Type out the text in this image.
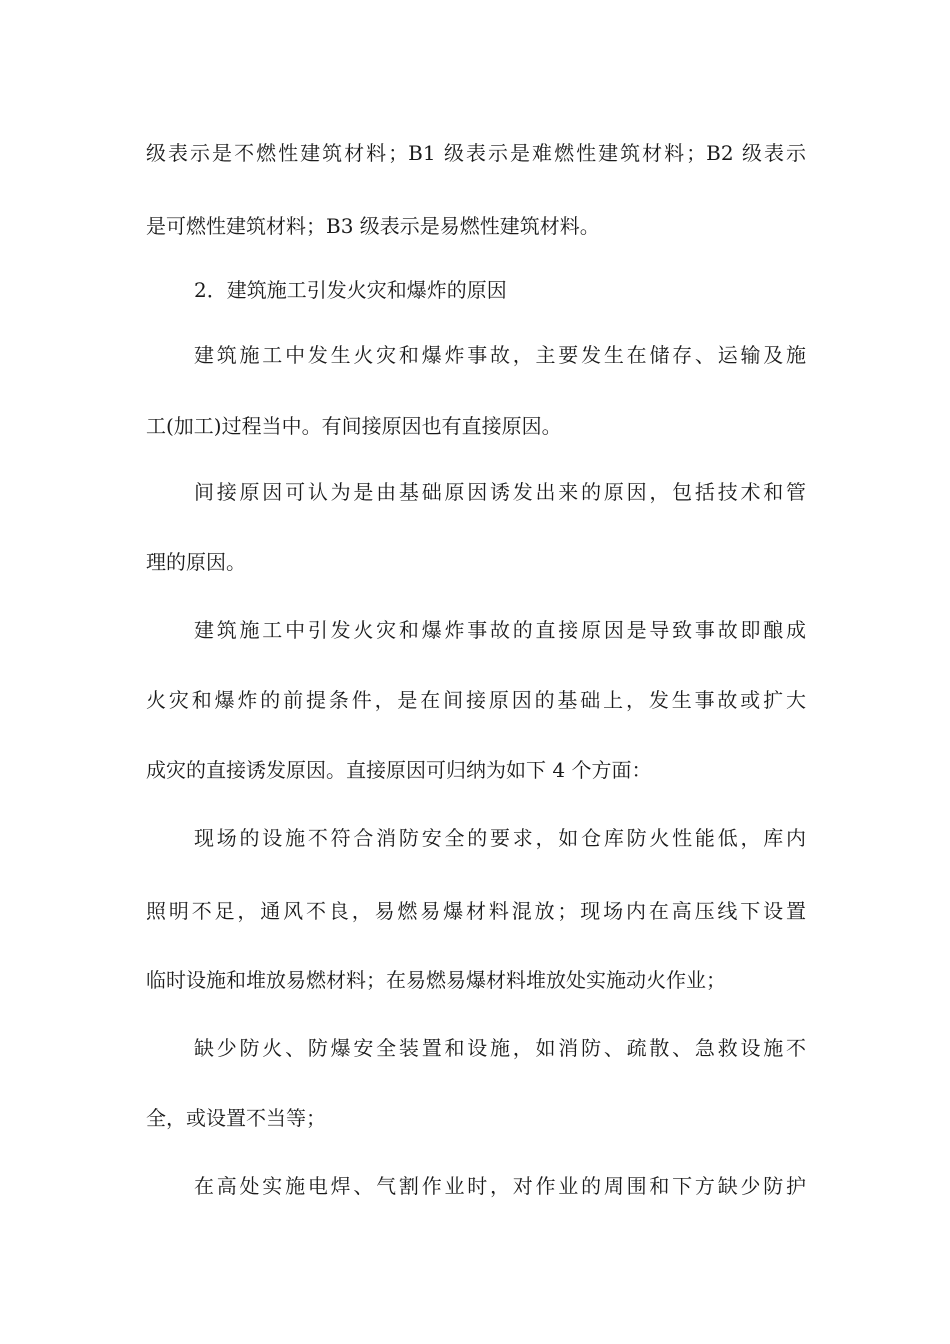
级表示是不燃性建筑材料；B1 级表示是难燃性建筑材料；B2 级表示
是可燃性建筑材料；B3 级表示是易燃性建筑材料。
2．建筑施工引发火灾和爆炸的原因
建筑施工中发生火灾和爆炸事故，主要发生在储存、运输及施
工(加工)过程当中。有间接原因也有直接原因。
间接原因可认为是由基础原因诱发出来的原因，包括技术和管
理的原因。
建筑施工中引发火灾和爆炸事故的直接原因是导致事故即酿成
火灾和爆炸的前提条件，是在间接原因的基础上，发生事故或扩大
成灾的直接诱发原因。直接原因可归纳为如下 4 个方面：
现场的设施不符合消防安全的要求，如仓库防火性能低，库内
照明不足，通风不良，易燃易爆材料混放；现场内在高压线下设置
临时设施和堆放易燃材料；在易燃易爆材料堆放处实施动火作业；
缺少防火、防爆安全装置和设施，如消防、疏散、急救设施不
全，或设置不当等；
在高处实施电焊、气割作业时，对作业的周围和下方缺少防护
